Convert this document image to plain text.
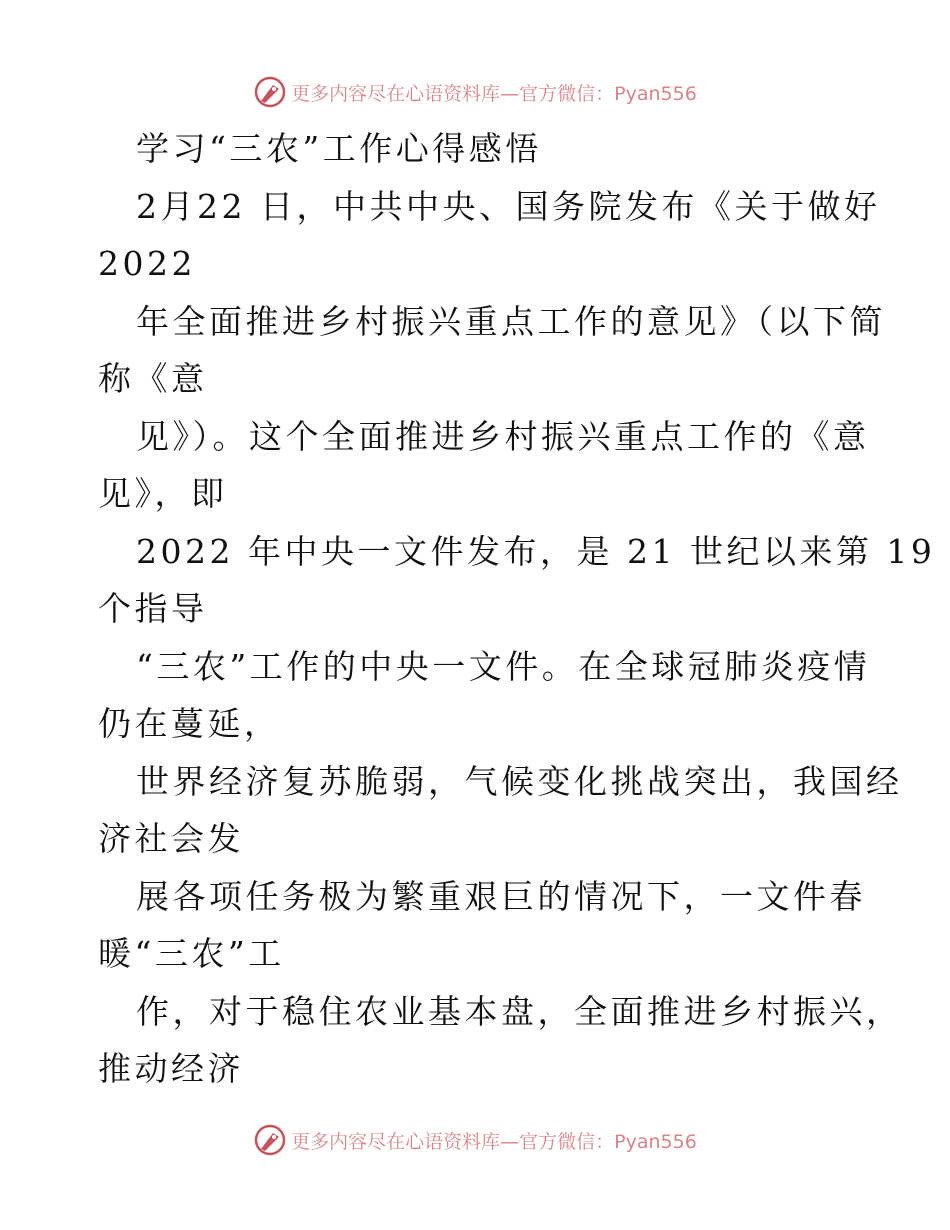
更多内容尽在心语资料库—官方微信：Pyan556
学习“三农”工作心得感悟
2月22 日，中共中央、国务院发布《关于做好
2022
年全面推进乡村振兴重点工作的意见》（以下简
称《意
见》）。这个全面推进乡村振兴重点工作的《意
见》，即
2022 年中央一文件发布，是 21 世纪以来第 19
个指导
“三农”工作的中央一文件。在全球冠肺炎疫情
仍在蔓延，
世界经济复苏脆弱，气候变化挑战突出，我国经
济社会发
展各项任务极为繁重艰巨的情况下，一文件春
暖“三农”工
作，对于稳住农业基本盘，全面推进乡村振兴，
推动经济
更多内容尽在心语资料库—官方微信：Pyan556
